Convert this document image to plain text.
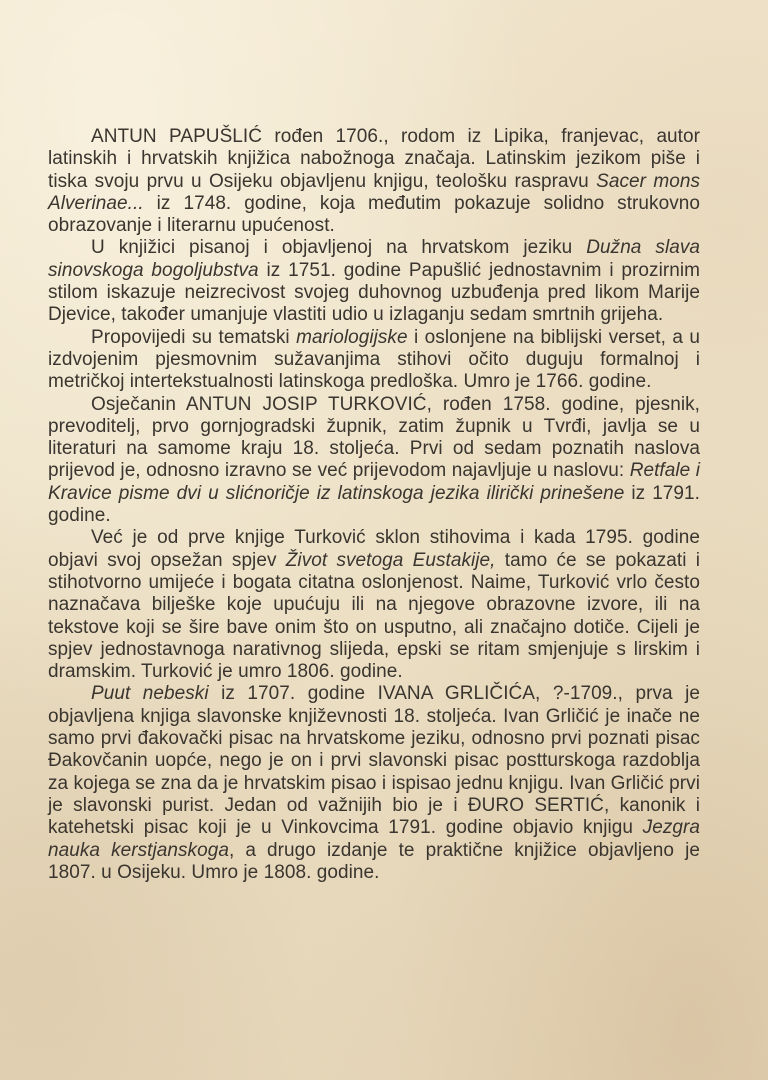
ANTUN PAPUŠLIĆ rođen 1706., rodom iz Lipika, franjevac, autor latinskih i hrvatskih knjižica nabožnoga značaja. Latinskim jezikom piše i tiska svoju prvu u Osijeku objavljenu knjigu, teološku raspravu Sacer mons Alverinae... iz 1748. godine, koja međutim pokazuje solidno strukovno obrazovanje i literarnu upućenost.

U knjižici pisanoj i objavljenoj na hrvatskom jeziku Dužna slava sinovskoga bogoljubstva iz 1751. godine Papušlić jednostavnim i prozirnim stilom iskazuje neizrecivost svojeg duhovnog uzbuđenja pred likom Marije Djevice, također umanjuje vlastiti udio u izlaganju sedam smrtnih grijeha.

Propovijedi su tematski mariologijske i oslonjene na biblijski verset, a u izdvojenim pjesmovnim sužavanjima stihovi očito duguju formalnoj i metričkoj intertekstualnosti latinskoga predloška. Umro je 1766. godine.

Osječanin ANTUN JOSIP TURKOVIĆ, rođen 1758. godine, pjesnik, prevoditelj, prvo gornjogradski župnik, zatim župnik u Tvrđi, javlja se u literaturi na samome kraju 18. stoljeća. Prvi od sedam poznatih naslova prijevod je, odnosno izravno se već prijevodom najavljuje u naslovu: Retfale i Kravice pisme dvi u slićnoričje iz latinskoga jezika ilirički prinešene iz 1791. godine.

Već je od prve knjige Turković sklon stihovima i kada 1795. godine objavi svoj opsežan spjev Život svetoga Eustakije, tamo će se pokazati i stihotvorno umijeće i bogata citatna oslonjenost. Naime, Turković vrlo često naznačava bilješke koje upućuju ili na njegove obrazovne izvore, ili na tekstove koji se šire bave onim što on usputno, ali značajno dotiče. Cijeli je spjev jednostavnoga narativnog slijeda, epski se ritam smjenjuje s lirskim i dramskim. Turković je umro 1806. godine.

Puut nebeski iz 1707. godine IVANA GRLIČIĆA, ?-1709., prva je objavljena knjiga slavonske književnosti 18. stoljeća. Ivan Grličić je inače ne samo prvi đakovački pisac na hrvatskome jeziku, odnosno prvi poznati pisac Đakovčanin uopće, nego je on i prvi slavonski pisac postturskoga razdoblja za kojega se zna da je hrvatskim pisao i ispisao jednu knjigu. Ivan Grličić prvi je slavonski purist. Jedan od važnijih bio je i ĐURO SERTIĆ, kanonik i katehetski pisac koji je u Vinkovcima 1791. godine objavio knjigu Jezgra nauka kerstjanskoga, a drugo izdanje te praktične knjižice objavljeno je 1807. u Osijeku. Umro je 1808. godine.
